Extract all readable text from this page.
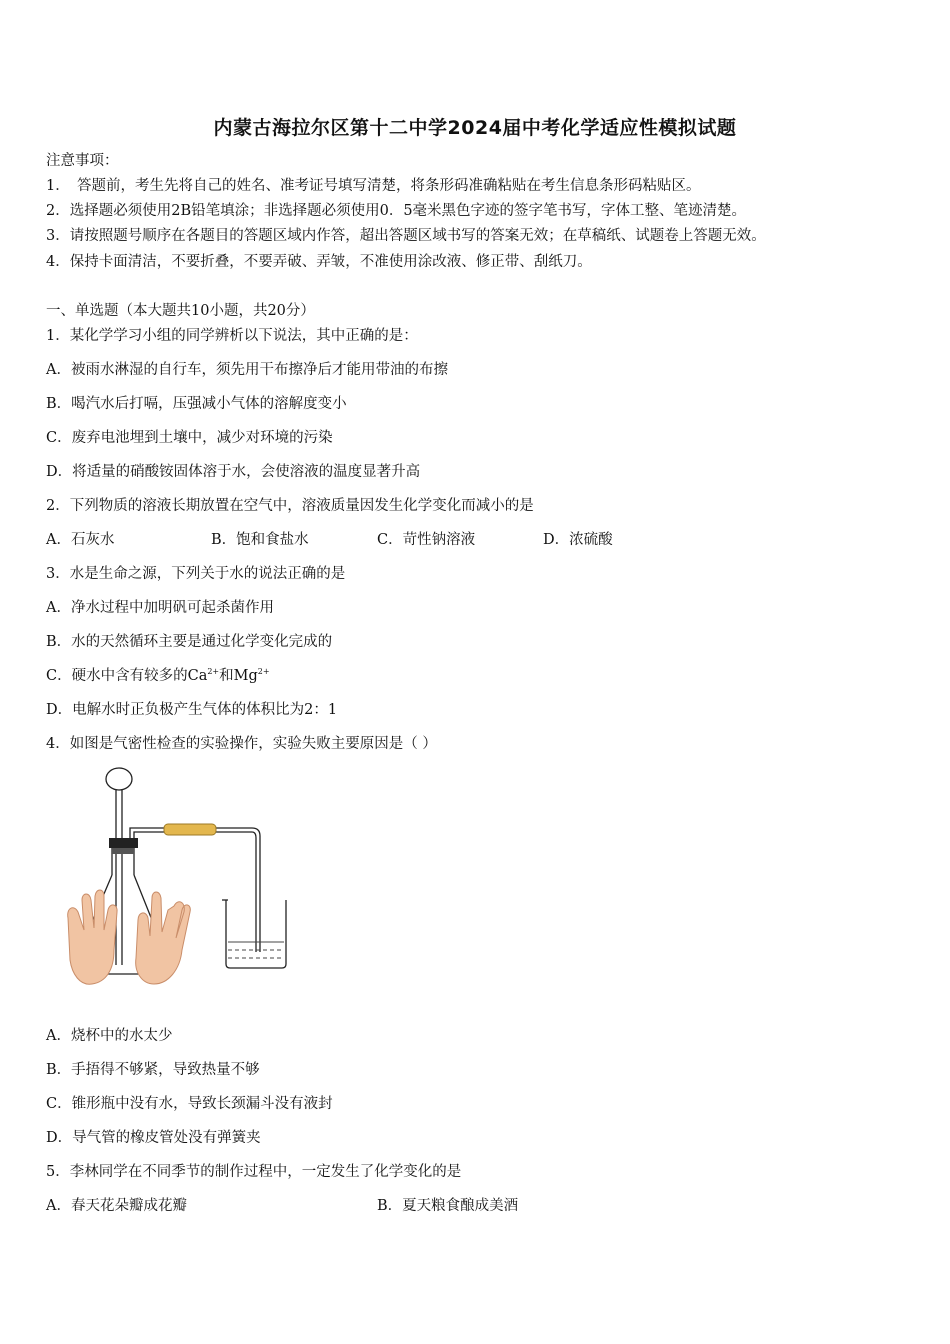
内蒙古海拉尔区第十二中学2024届中考化学适应性模拟试题
注意事项：
1．　答题前，考生先将自己的姓名、准考证号填写清楚，将条形码准确粘贴在考生信息条形码粘贴区。
2．选择题必须使用2B铅笔填涂；非选择题必须使用0．5毫米黑色字迹的签字笔书写，字体工整、笔迹清楚。
3．请按照题号顺序在各题目的答题区域内作答，超出答题区域书写的答案无效；在草稿纸、试题卷上答题无效。
4．保持卡面清洁，不要折叠，不要弄破、弄皱，不准使用涂改液、修正带、刮纸刀。
一、单选题（本大题共10小题，共20分）
1．某化学学习小组的同学辨析以下说法，其中正确的是：
A．被雨水淋湿的自行车，须先用干布擦净后才能用带油的布擦
B．喝汽水后打嗝，压强减小气体的溶解度变小
C．废弃电池埋到土壤中，减少对环境的污染
D．将适量的硝酸铵固体溶于水，会使溶液的温度显著升高
2．下列物质的溶液长期放置在空气中，溶液质量因发生化学变化而减小的是
A．石灰水	B．饱和食盐水	C．苛性钠溶液	D．浓硫酸
3．水是生命之源，下列关于水的说法正确的是
A．净水过程中加明矾可起杀菌作用
B．水的天然循环主要是通过化学变化完成的
C．硬水中含有较多的$Ca^{2+}$和$Mg^{2+}$
D．电解水时正负极产生气体的体积比为2：1
4．如图是气密性检查的实验操作，实验失败主要原因是（ ）
A．烧杯中的水太少
B．手捂得不够紧，导致热量不够
C．锥形瓶中没有水，导致长颈漏斗没有液封
D．导气管的橡皮管处没有弹簧夹
5．李林同学在不同季节的制作过程中，一定发生了化学变化的是
A．春天花朵瓣成花瓣	B．夏天粮食酿成美酒
